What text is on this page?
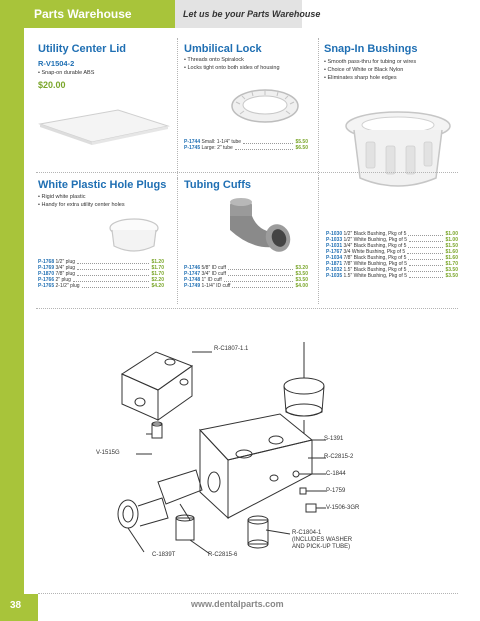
Parts Warehouse	Let us be your Parts Warehouse
Utility Center Lid
R-V1504-2
• Snap-on durable ABS
$20.00
Umbilical Lock
• Threads onto Spiralock
• Locks tight onto both sides of housing
P-1744
Small: 1-1/4" tube	$5.50
P-1745
Large: 2" tube	$6.50
Snap-In Bushings
• Smooth pass-thru for tubing or wires
• Choice of White or Black Nylon
• Eliminates sharp hole edges
White Plastic Hole Plugs
• Rigid white plastic
• Handy for extra utility center holes
P-1768
1/2" plug	$1.20
P-1769
3/4" plug	$1.70
P-1870
7/8" plug	$1.70
P-1766
2" plug	$2.20
P-1765
2-1/2" plug	$4.20
Tubing Cuffs
P-1746
5/8" ID cuff	$3.20
P-1747
3/4" ID cuff	$3.50
P-1748
1" ID cuff	$3.50
P-1749
1-1/4" ID cuff	$4.00
P-1030
1/2" Black Bushing, Pkg of 5	$1.00
P-1033
1/2" White Bushing, Pkg of 5	$1.00
P-1031
3/4" Black Bushing, Pkg of 5	$1.50
P-1767
3/4 White Bushing, Pkg of 5	$1.60
P-1034
7/8" Black Bushing, Pkg of 5	$1.60
P-1871
7/8" White Bushing, Pkg of 5	$1.70
P-1032
1.5" Black Bushing, Pkg of 5	$3.50
P-1035
1.5" White Bushing, Pkg of 5	$3.50
R-C1807-1.1
S-1391
V-1515G
R-C2815-2
C-1844
P-1759
V-1506-3GR
R-C1804-1
(INCLUDES WASHER
AND PICK-UP TUBE)
C-1839T	R-C2815-6
38	www.dentalparts.com
